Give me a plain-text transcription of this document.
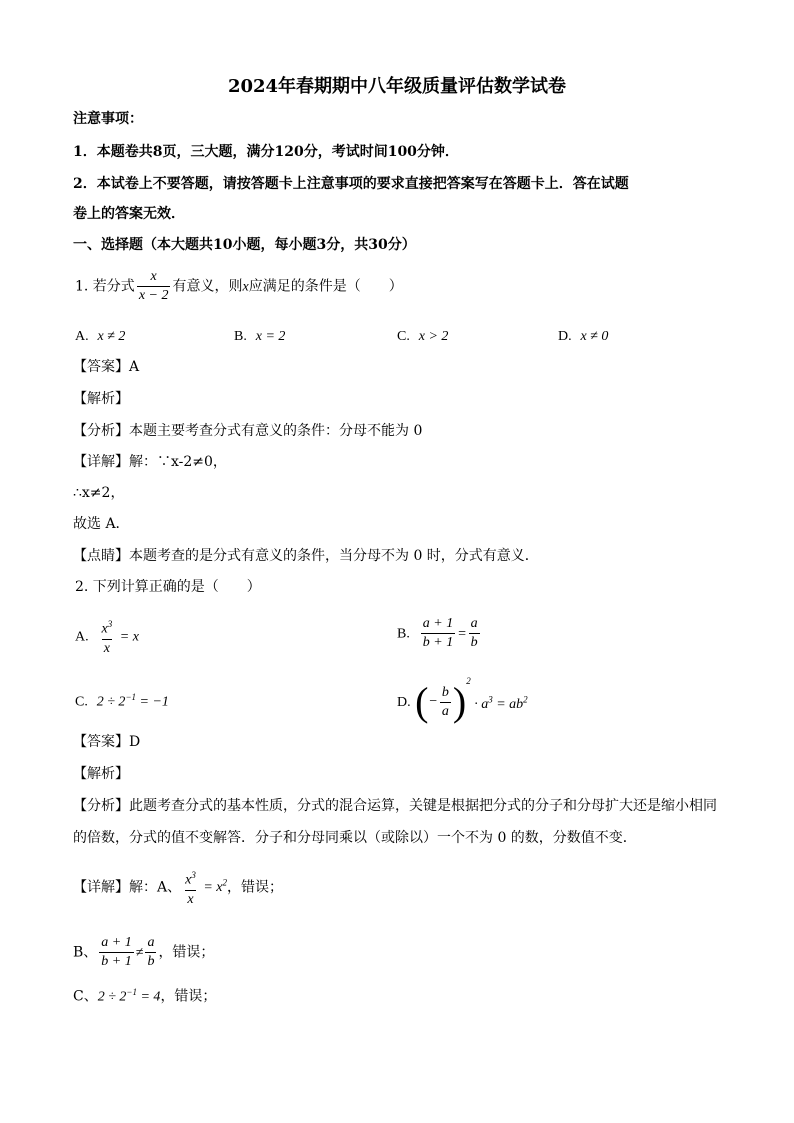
2024年春期期中八年级质量评估数学试卷
注意事项：
1．本题卷共8页，三大题，满分120分，考试时间100分钟．
2．本试卷上不要答题，请按答题卡上注意事项的要求直接把答案写在答题卡上．答在试题
卷上的答案无效．
一、选择题（本大题共10小题，每小题3分，共30分）
1. 若分式 $\frac{x}{x - 2}$ 有意义，则x应满足的条件是（　　）
A. x ≠ 2	B. x = 2	C. x > 2	D. x ≠ 0
【答案】A
【解析】
【分析】本题主要考查分式有意义的条件：分母不能为 0
【详解】解：∵x-2≠0，
∴x≠2，
故选 A．
【点睛】本题考查的是分式有意义的条件，当分母不为 0 时，分式有意义．
2. 下列计算正确的是（　　）
A. $\frac{x^3}{x} = x$	B. $\frac{a + 1}{b + 1} = \frac{a}{b}$
C. $2 \div 2^{-1} = -1$	D. (− $\frac{b}{a} )^2 \cdot a^3 = ab^2$
【答案】D
【解析】
【分析】此题考查分式的基本性质，分式的混合运算，关键是根据把分式的分子和分母扩大还是缩小相同
的倍数，分式的值不变解答．分子和分母同乘以（或除以）一个不为 0 的数，分数值不变．
【详解】解：A、 $\frac{x^3}{x} = x^2$，错误；
B、 $\frac{a + 1}{b + 1} \ne \frac{a}{b}$ ，错误；
C、$2 \div 2^{-1} = 4$，错误；
